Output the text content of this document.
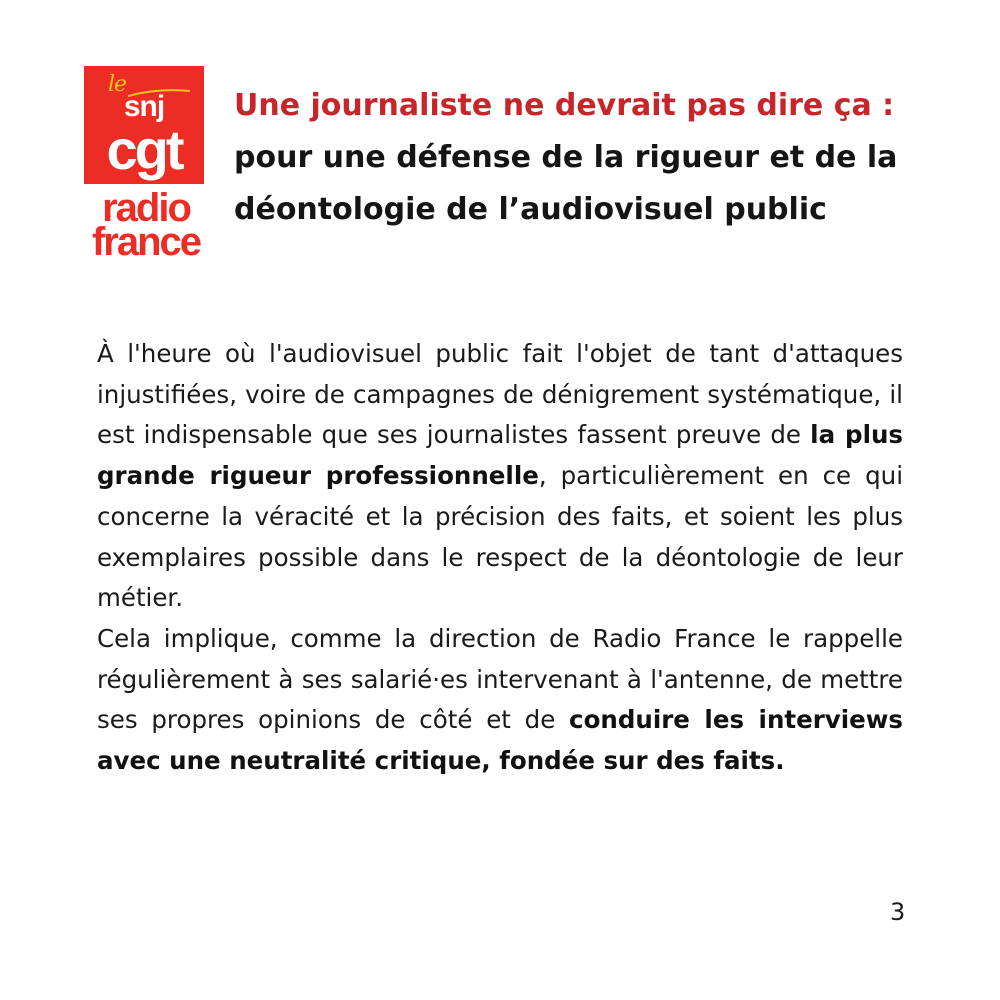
le
snj
cgt
radio
france
Une journaliste ne devrait pas dire ça :
pour une défense de la rigueur et de la déontologie de l’audiovisuel public

À l'heure où l'audiovisuel public fait l'objet de tant d'attaques injustifiées, voire de campagnes de dénigrement systématique, il est indispensable que ses journalistes fassent preuve de la plus grande rigueur professionnelle, particulièrement en ce qui concerne la véracité et la précision des faits, et soient les plus exemplaires possible dans le respect de la déontologie de leur métier.

Cela implique, comme la direction de Radio France le rappelle régulièrement à ses salarié·es intervenant à l'antenne, de mettre ses propres opinions de côté et de conduire les interviews avec une neutralité critique, fondée sur des faits.

3
